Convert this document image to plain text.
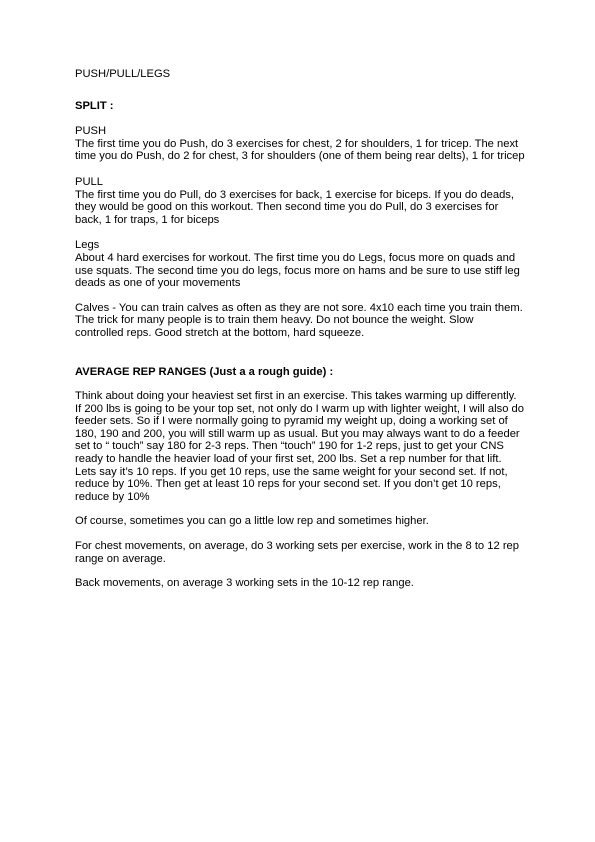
PUSH/PULL/LEGS

SPLIT :

PUSH
The first time you do Push, do 3 exercises for chest, 2 for shoulders, 1 for tricep. The next time you do Push, do 2 for chest, 3 for shoulders (one of them being rear delts), 1 for tricep
PULL
The first time you do Pull, do 3 exercises for back, 1 exercise for biceps. If you do deads, they would be good on this workout. Then second time you do Pull, do 3 exercises for back, 1 for traps, 1 for biceps
Legs
About 4 hard exercises for workout. The first time you do Legs, focus more on quads and use squats. The second time you do legs, focus more on hams and be sure to use stiff leg deads as one of your movements

Calves - You can train calves as often as they are not sore. 4x10 each time you train them. The trick for many people is to train them heavy. Do not bounce the weight. Slow controlled reps. Good stretch at the bottom, hard squeeze.

AVERAGE REP RANGES (Just a a rough guide) :

Think about doing your heaviest set first in an exercise. This takes warming up differently. If 200 lbs is going to be your top set, not only do I warm up with lighter weight, I will also do feeder sets. So if I were normally going to pyramid my weight up, doing a working set of 180, 190 and 200, you will still warm up as usual. But you may always want to do a feeder set to “ touch” say 180 for 2-3 reps. Then “touch” 190 for 1-2 reps, just to get your CNS ready to handle the heavier load of your first set, 200 lbs. Set a rep number for that lift. Lets say it’s 10 reps. If you get 10 reps, use the same weight for your second set. If not, reduce by 10%. Then get at least 10 reps for your second set. If you don’t get 10 reps, reduce by 10%

Of course, sometimes you can go a little low rep and sometimes higher.

For chest movements, on average, do 3 working sets per exercise, work in the 8 to 12 rep range on average.

Back movements, on average 3 working sets in the 10-12 rep range.
